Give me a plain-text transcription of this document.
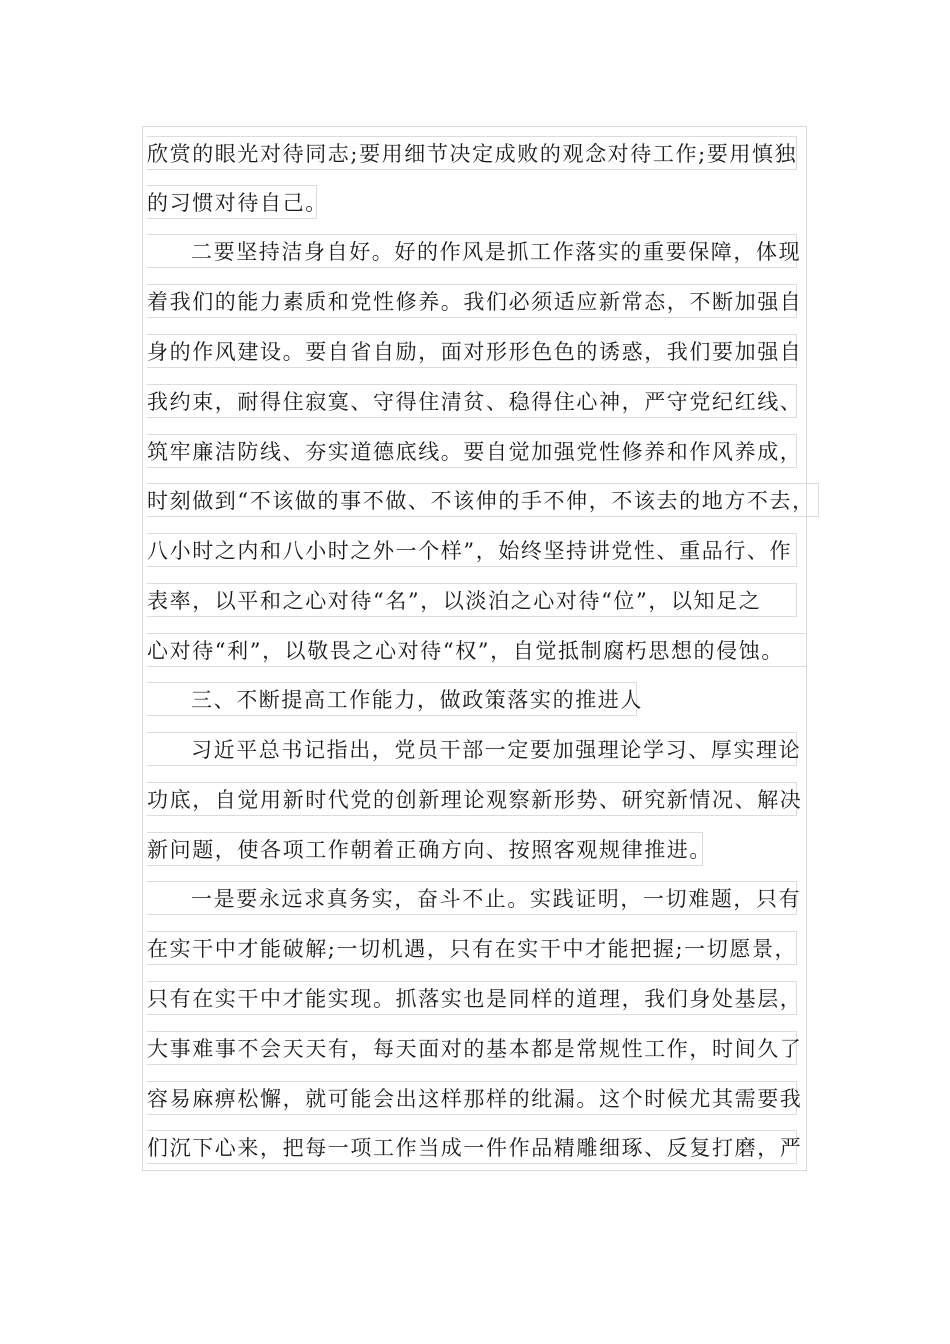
欣赏的眼光对待同志;要用细节决定成败的观念对待工作;要用慎独
的习惯对待自己。
二要坚持洁身自好。好的作风是抓工作落实的重要保障，体现
着我们的能力素质和党性修养。我们必须适应新常态，不断加强自
身的作风建设。要自省自励，面对形形色色的诱惑，我们要加强自
我约束，耐得住寂寞、守得住清贫、稳得住心神，严守党纪红线、
筑牢廉洁防线、夯实道德底线。要自觉加强党性修养和作风养成，
时刻做到“不该做的事不做、不该伸的手不伸，不该去的地方不去，
八小时之内和八小时之外一个样”，始终坚持讲党性、重品行、作
表率，以平和之心对待“名”，以淡泊之心对待“位”，以知足之
心对待“利”，以敬畏之心对待“权”，自觉抵制腐朽思想的侵蚀。
三、不断提高工作能力，做政策落实的推进人
习近平总书记指出，党员干部一定要加强理论学习、厚实理论
功底，自觉用新时代党的创新理论观察新形势、研究新情况、解决
新问题，使各项工作朝着正确方向、按照客观规律推进。
一是要永远求真务实，奋斗不止。实践证明，一切难题，只有
在实干中才能破解;一切机遇，只有在实干中才能把握;一切愿景，
只有在实干中才能实现。抓落实也是同样的道理，我们身处基层，
大事难事不会天天有，每天面对的基本都是常规性工作，时间久了
容易麻痹松懈，就可能会出这样那样的纰漏。这个时候尤其需要我
们沉下心来，把每一项工作当成一件作品精雕细琢、反复打磨，严
